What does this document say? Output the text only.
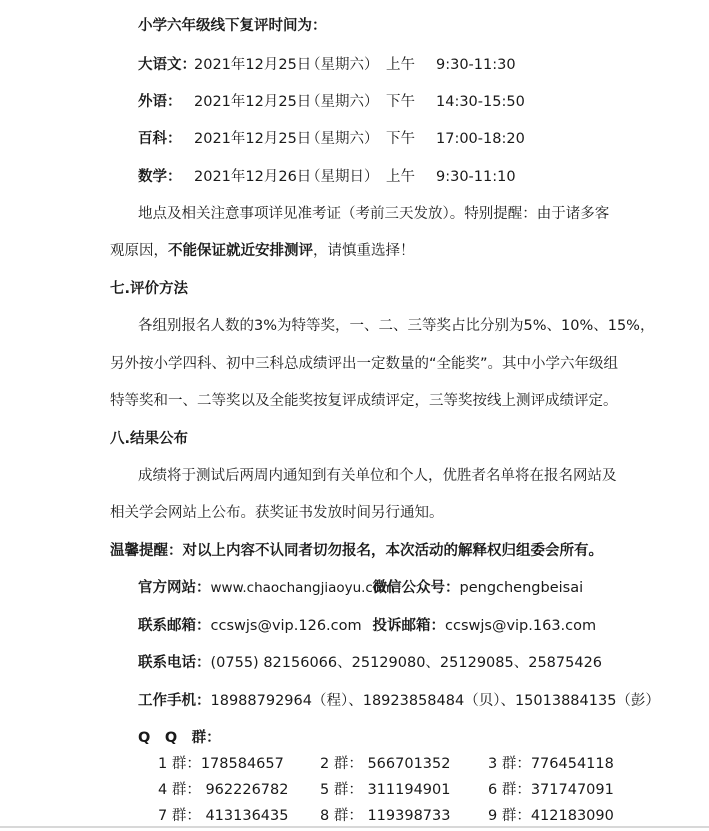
小学六年级线下复评时间为：
大语文：2021年12月25日（星期六） 上午 9:30-11:30
外语： 2021年12月25日（星期六） 下午 14:30-15:50
百科： 2021年12月25日（星期六） 下午 17:00-18:20
数学： 2021年12月26日（星期日） 上午 9:30-11:10
地点及相关注意事项详见准考证（考前三天发放）。特别提醒：由于诸多客
观原因，不能保证就近安排测评，请慎重选择！
七.评价方法
各组别报名人数的3%为特等奖，一、二、三等奖占比分别为5%、10%、15%，
另外按小学四科、初中三科总成绩评出一定数量的“全能奖”。其中小学六年级组
特等奖和一、二等奖以及全能奖按复评成绩评定，三等奖按线上测评成绩评定。
八.结果公布
成绩将于测试后两周内通知到有关单位和个人，优胜者名单将在报名网站及
相关学会网站上公布。获奖证书发放时间另行通知。
温馨提醒：对以上内容不认同者切勿报名，本次活动的解释权归组委会所有。
官方网站：www.chaochangjiaoyu.com微信公众号：pengchengbeisai
联系邮箱：ccswjs@vip.126.com 投诉邮箱：ccswjs@vip.163.com
联系电话：(0755) 82156066、25129080、25129085、25875426
工作手机：18988792964（程）、18923858484（贝）、15013884135（彭）
Q　Q　群：
1 群：178584657 2 群： 566701352	3 群：776454118
4 群： 962226782 5 群： 311194901	6 群：371747091
7 群： 413136435 8 群： 119398733	9 群：412183090
